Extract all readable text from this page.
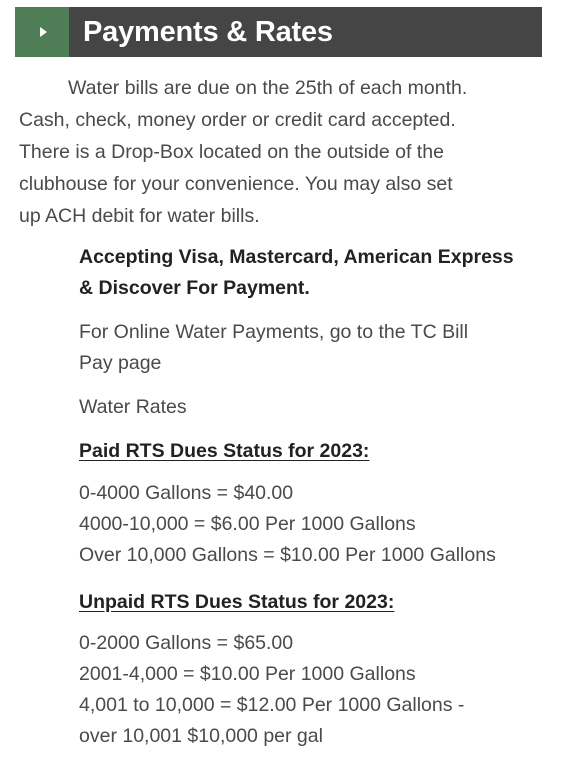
Payments & Rates
Water bills are due on the 25th of each month.
Cash, check, money order or credit card accepted.
There is a Drop-Box located on the outside of the
clubhouse for your convenience. You may also set
up ACH debit for water bills.
Accepting Visa, Mastercard, American Express
& Discover For Payment.
For Online Water Payments, go to the TC Bill
Pay page
Water Rates
Paid RTS Dues Status for 2023:
0-4000 Gallons = $40.00
4000-10,000 = $6.00 Per 1000 Gallons
Over 10,000 Gallons = $10.00 Per 1000 Gallons
Unpaid RTS Dues Status for 2023:
0-2000 Gallons = $65.00
2001-4,000 = $10.00 Per 1000 Gallons
4,001 to 10,000 = $12.00 Per 1000 Gallons -
over 10,001 $10,000 per gal
